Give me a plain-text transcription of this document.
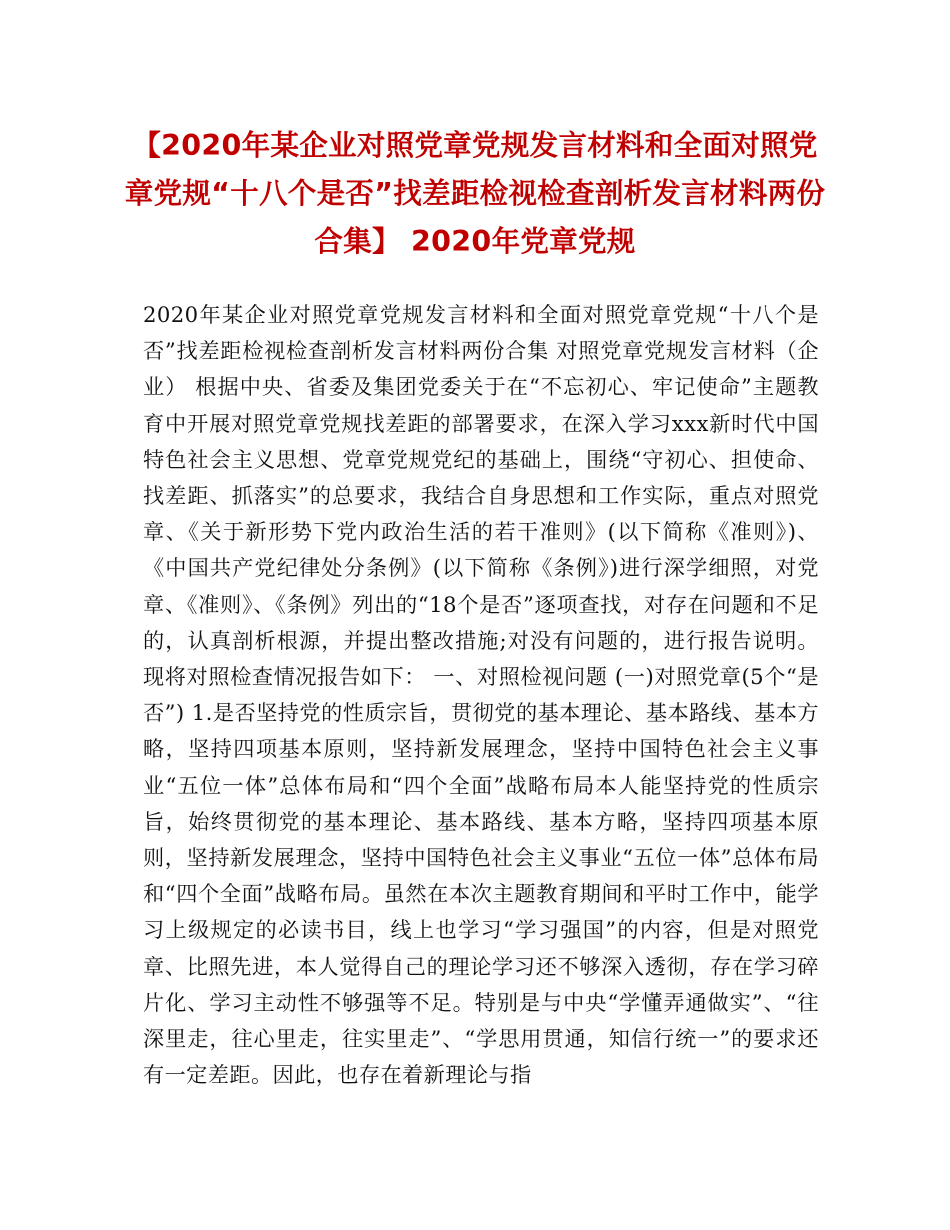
【2020年某企业对照党章党规发言材料和全面对照党章党规“十八个是否”找差距检视检查剖析发言材料两份合集】 2020年党章党规

2020年某企业对照党章党规发言材料和全面对照党章党规“十八个是否”找差距检视检查剖析发言材料两份合集 对照党章党规发言材料（企业） 根据中央、省委及集团党委关于在“不忘初心、牢记使命”主题教育中开展对照党章党规找差距的部署要求，在深入学习xxx新时代中国特色社会主义思想、党章党规党纪的基础上，围绕“守初心、担使命、找差距、抓落实”的总要求，我结合自身思想和工作实际，重点对照党章、《关于新形势下党内政治生活的若干准则》(以下简称《准则》)、《中国共产党纪律处分条例》(以下简称《条例》)进行深学细照，对党章、《准则》、《条例》列出的“18个是否”逐项查找，对存在问题和不足的，认真剖析根源，并提出整改措施;对没有问题的，进行报告说明。现将对照检查情况报告如下： 一、对照检视问题 (一)对照党章(5个“是否”) 1.是否坚持党的性质宗旨，贯彻党的基本理论、基本路线、基本方略，坚持四项基本原则，坚持新发展理念，坚持中国特色社会主义事业“五位一体”总体布局和“四个全面”战略布局本人能坚持党的性质宗旨，始终贯彻党的基本理论、基本路线、基本方略，坚持四项基本原则，坚持新发展理念，坚持中国特色社会主义事业“五位一体”总体布局和“四个全面”战略布局。虽然在本次主题教育期间和平时工作中，能学习上级规定的必读书目，线上也学习“学习强国”的内容，但是对照党章、比照先进，本人觉得自己的理论学习还不够深入透彻，存在学习碎片化、学习主动性不够强等不足。特别是与中央“学懂弄通做实”、“往深里走，往心里走，往实里走”、“学思用贯通，知信行统一”的要求还有一定差距。因此，也存在着新理论与指
